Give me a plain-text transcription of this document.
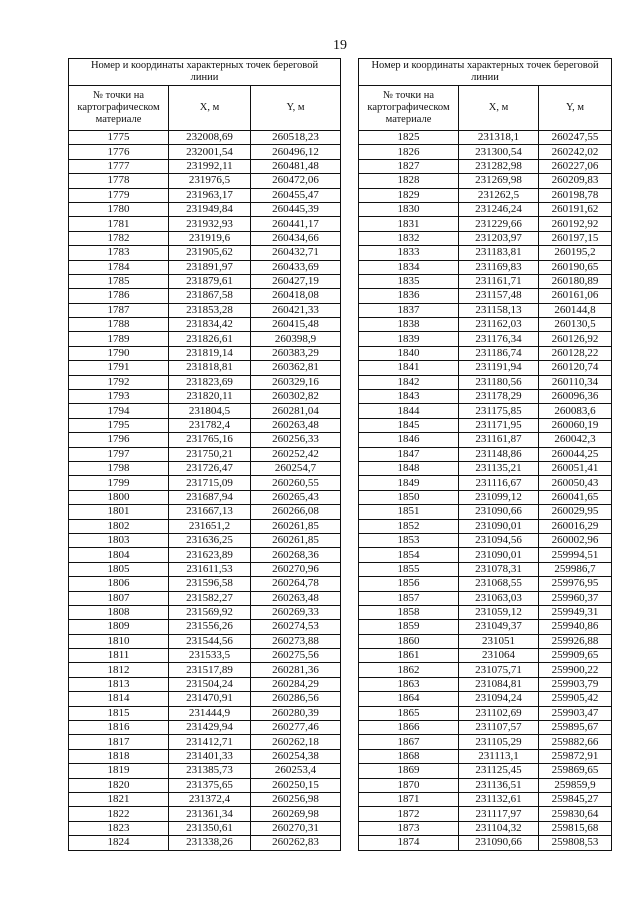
19
Номер и координаты характерных точек береговой линии		
№ точки на картографическом материале	X, м	Y, м
1775	232008,69	260518,23
1776	232001,54	260496,12
1777	231992,11	260481,48
1778	231976,5	260472,06
1779	231963,17	260455,47
1780	231949,84	260445,39
1781	231932,93	260441,17
1782	231919,6	260434,66
1783	231905,62	260432,71
1784	231891,97	260433,69
1785	231879,61	260427,19
1786	231867,58	260418,08
1787	231853,28	260421,33
1788	231834,42	260415,48
1789	231826,61	260398,9
1790	231819,14	260383,29
1791	231818,81	260362,81
1792	231823,69	260329,16
1793	231820,11	260302,82
1794	231804,5	260281,04
1795	231782,4	260263,48
1796	231765,16	260256,33
1797	231750,21	260252,42
1798	231726,47	260254,7
1799	231715,09	260260,55
1800	231687,94	260265,43
1801	231667,13	260266,08
1802	231651,2	260261,85
1803	231636,25	260261,85
1804	231623,89	260268,36
1805	231611,53	260270,96
1806	231596,58	260264,78
1807	231582,27	260263,48
1808	231569,92	260269,33
1809	231556,26	260274,53
1810	231544,56	260273,88
1811	231533,5	260275,56
1812	231517,89	260281,36
1813	231504,24	260284,29
1814	231470,91	260286,56
1815	231444,9	260280,39
1816	231429,94	260277,46
1817	231412,71	260262,18
1818	231401,33	260254,38
1819	231385,73	260253,4
1820	231375,65	260250,15
1821	231372,4	260256,98
1822	231361,34	260269,98
1823	231350,61	260270,31
1824	231338,26	260262,83
Номер и координаты характерных точек береговой линии		
№ точки на картографическом материале	X, м	Y, м
1825	231318,1	260247,55
1826	231300,54	260242,02
1827	231282,98	260227,06
1828	231269,98	260209,83
1829	231262,5	260198,78
1830	231246,24	260191,62
1831	231229,66	260192,92
1832	231203,97	260197,15
1833	231183,81	260195,2
1834	231169,83	260190,65
1835	231161,71	260180,89
1836	231157,48	260161,06
1837	231158,13	260144,8
1838	231162,03	260130,5
1839	231176,34	260126,92
1840	231186,74	260128,22
1841	231191,94	260120,74
1842	231180,56	260110,34
1843	231178,29	260096,36
1844	231175,85	260083,6
1845	231171,95	260060,19
1846	231161,87	260042,3
1847	231148,86	260044,25
1848	231135,21	260051,41
1849	231116,67	260050,43
1850	231099,12	260041,65
1851	231090,66	260029,95
1852	231090,01	260016,29
1853	231094,56	260002,96
1854	231090,01	259994,51
1855	231078,31	259986,7
1856	231068,55	259976,95
1857	231063,03	259960,37
1858	231059,12	259949,31
1859	231049,37	259940,86
1860	231051	259926,88
1861	231064	259909,65
1862	231075,71	259900,22
1863	231084,81	259903,79
1864	231094,24	259905,42
1865	231102,69	259903,47
1866	231107,57	259895,67
1867	231105,29	259882,66
1868	231113,1	259872,91
1869	231125,45	259869,65
1870	231136,51	259859,9
1871	231132,61	259845,27
1872	231117,97	259830,64
1873	231104,32	259815,68
1874	231090,66	259808,53
